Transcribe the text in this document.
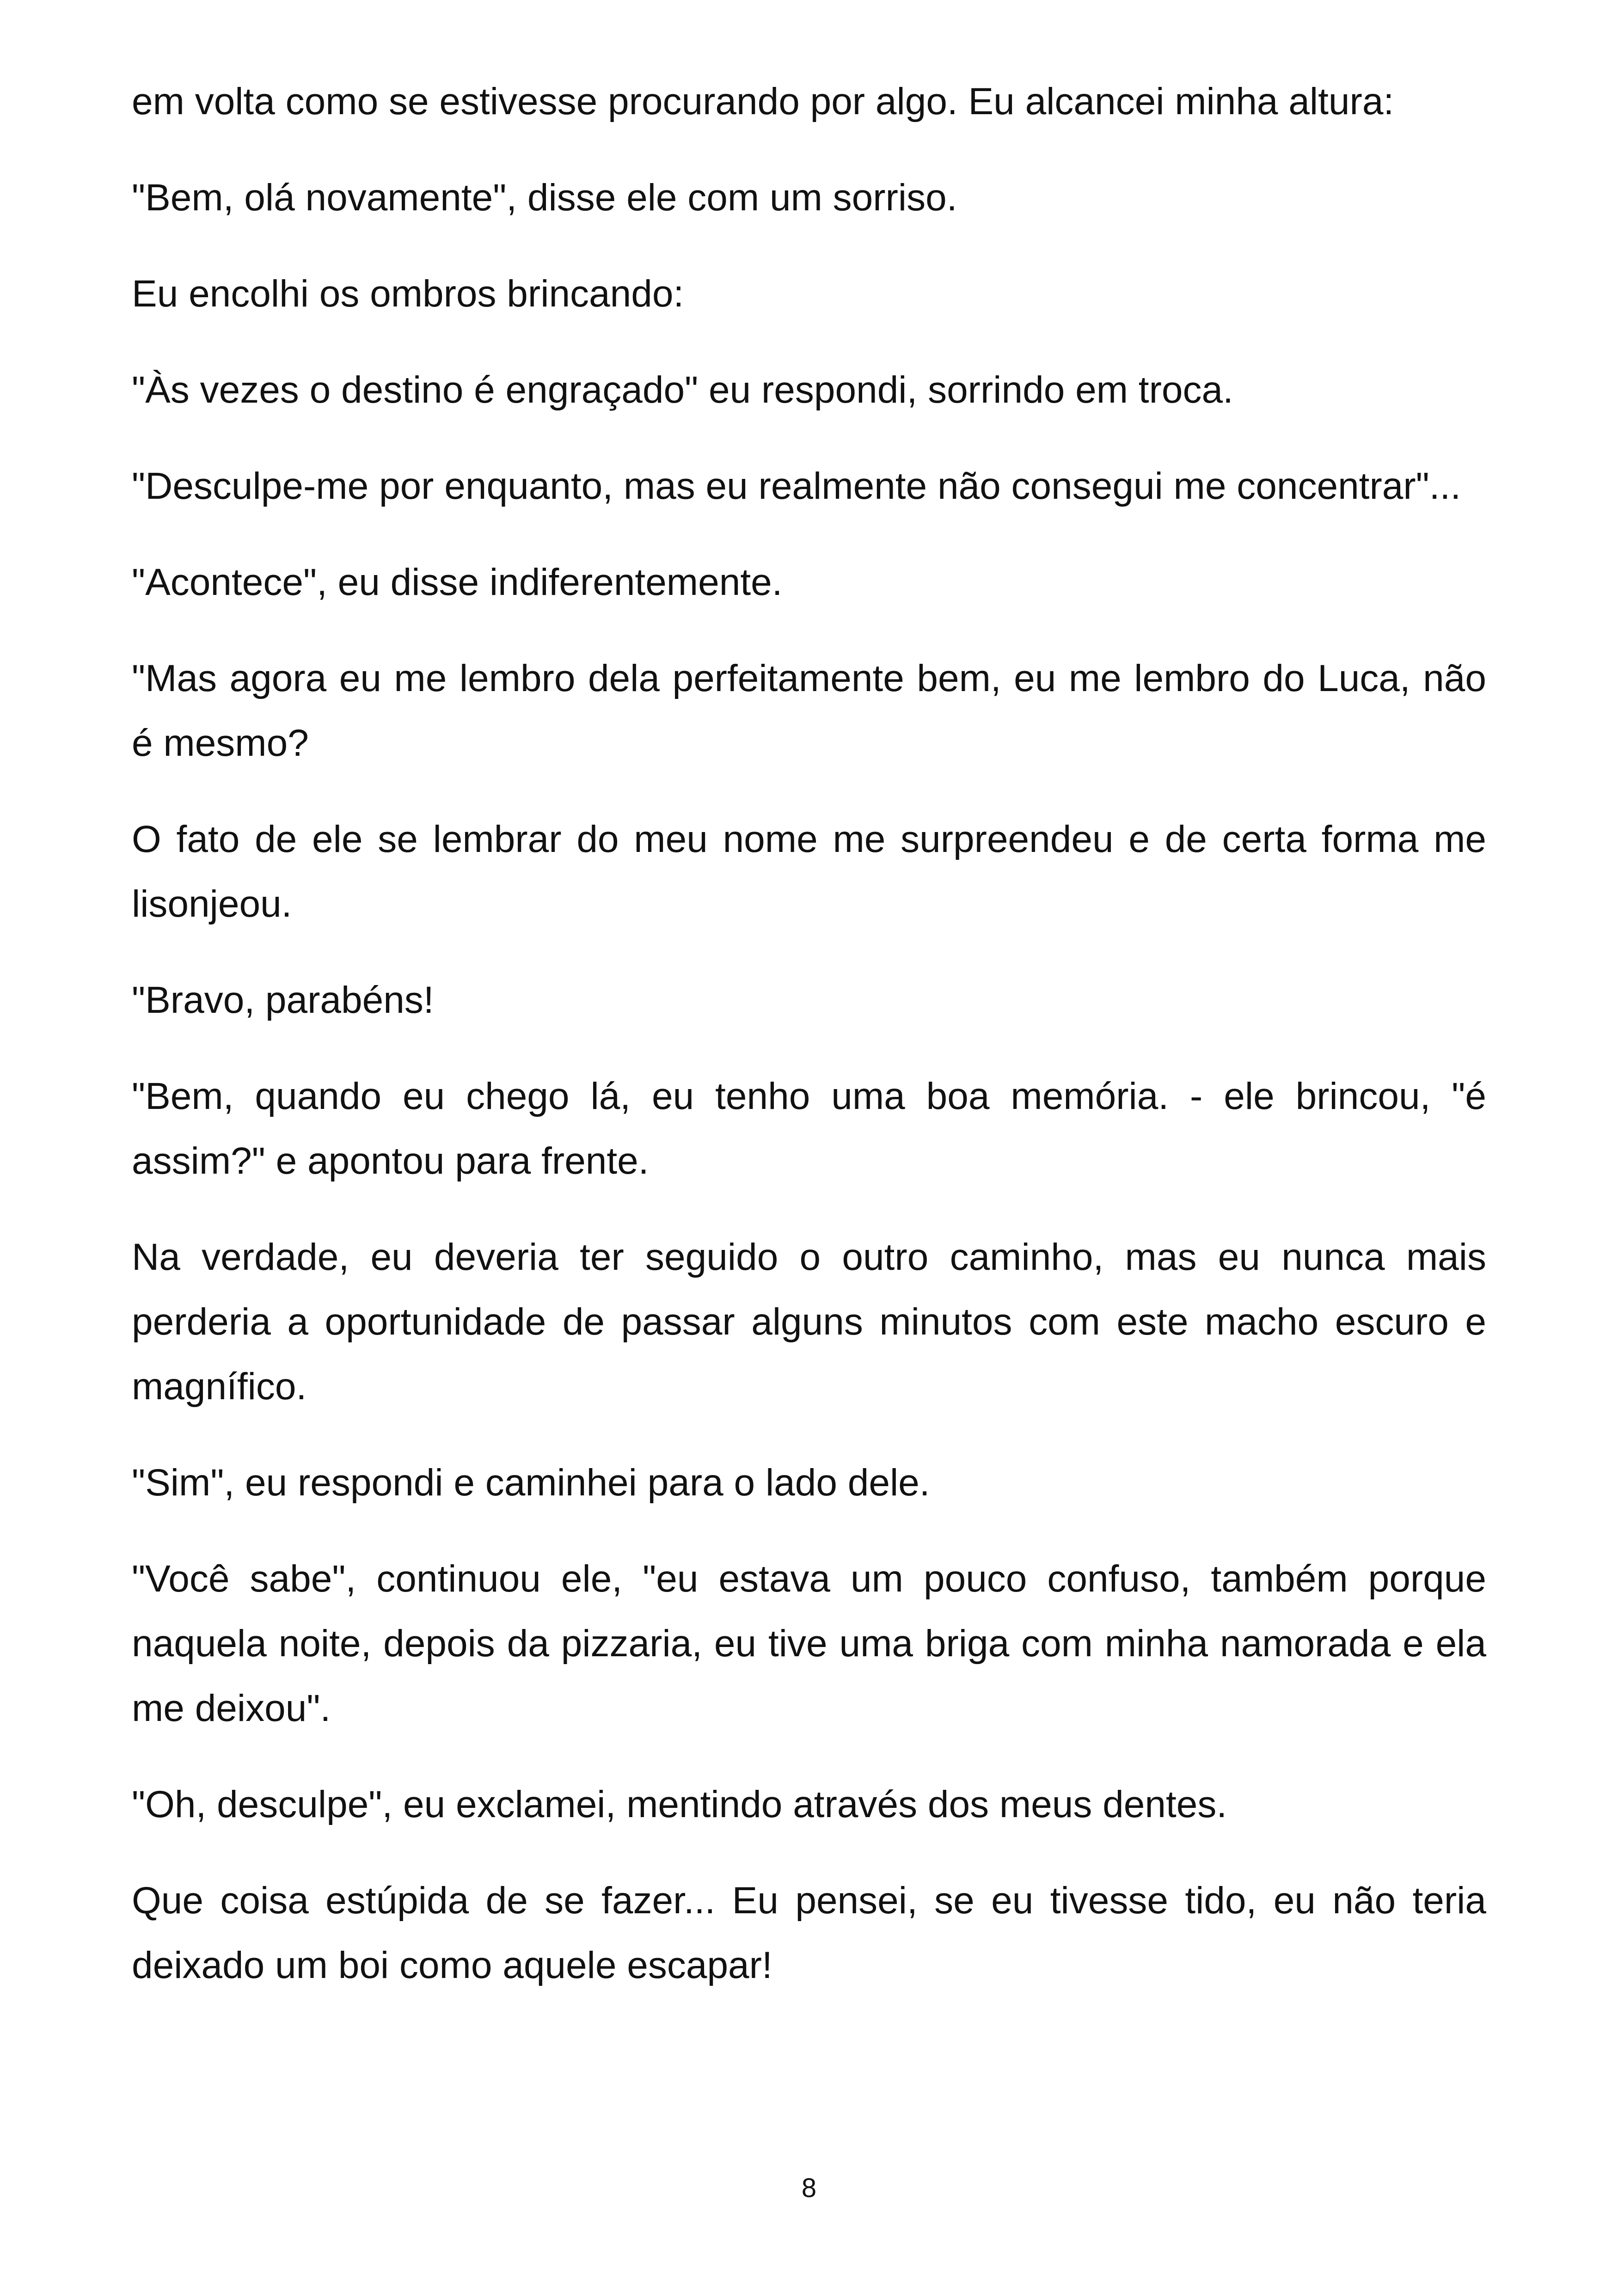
em volta como se estivesse procurando por algo. Eu alcancei minha altura:

"Bem, olá novamente", disse ele com um sorriso.

Eu encolhi os ombros brincando:

"Às vezes o destino é engraçado" eu respondi, sorrindo em troca.

"Desculpe-me por enquanto, mas eu realmente não consegui me concentrar"...

"Acontece", eu disse indiferentemente.

"Mas agora eu me lembro dela perfeitamente bem, eu me lembro do Luca, não é mesmo?

O fato de ele se lembrar do meu nome me surpreendeu e de certa forma me lisonjeou.

"Bravo, parabéns!

"Bem, quando eu chego lá, eu tenho uma boa memória. - ele brincou, "é assim?" e apontou para frente.

Na verdade, eu deveria ter seguido o outro caminho, mas eu nunca mais perderia a oportunidade de passar alguns minutos com este macho escuro e magnífico.

"Sim", eu respondi e caminhei para o lado dele.

"Você sabe", continuou ele, "eu estava um pouco confuso, também porque naquela noite, depois da pizzaria, eu tive uma briga com minha namorada e ela me deixou".

"Oh, desculpe", eu exclamei, mentindo através dos meus dentes.

Que coisa estúpida de se fazer... Eu pensei, se eu tivesse tido, eu não teria deixado um boi como aquele escapar!

8
